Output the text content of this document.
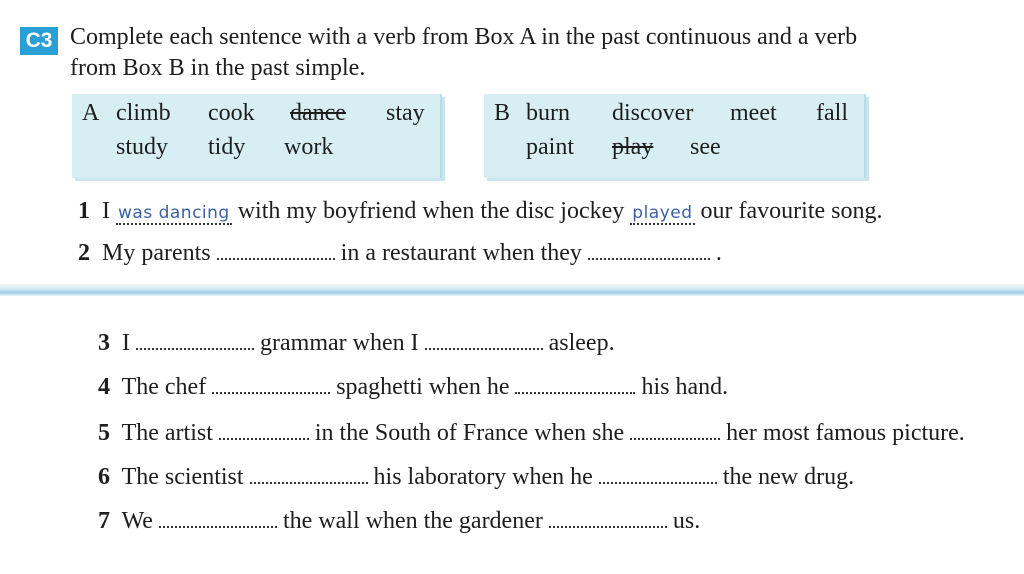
C3 Complete each sentence with a verb from Box A in the past continuous and a verb
from Box B in the past simple.
A climb cook dance stay
study tidy work
B burn discover meet fall
paint play see
1 I was dancing with my boyfriend when the disc jockey played our favourite song.
2 My parents	in a restaurant when they	.
3 I	grammar when I	asleep.
4 The chef	spaghetti when he	his hand.
5 The artist	in the South of France when she	her most famous picture.
6 The scientist	his laboratory when he	the new drug.
7 We	the wall when the gardener	us.
